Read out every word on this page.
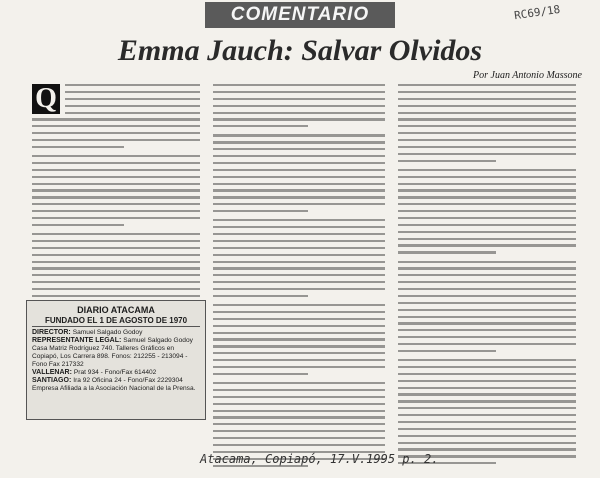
COMENTARIO	RC69/18
Emma Jauch: Salvar Olvidos
Por Juan Antonio Massone
Q
DIARIO ATACAMA
FUNDADO EL 1 DE AGOSTO DE 1970

DIRECTOR: Samuel Salgado Godoy

REPRESENTANTE LEGAL: Samuel Salgado Godoy

Casa Matriz Rodríguez 740. Talleres Gráficos en Copiapó, Los Carrera 898. Fonos: 212255 - 213094 - Fono Fax 217332

VALLENAR: Prat 934 - Fono/Fax 614402

SANTIAGO: Ira 92 Oficina 24 - Fono/Fax 2229304

Empresa Afiliada a la Asociación Nacional de la Prensa.

Atacama, Copiapó, 17.V.1995 p. 2.
